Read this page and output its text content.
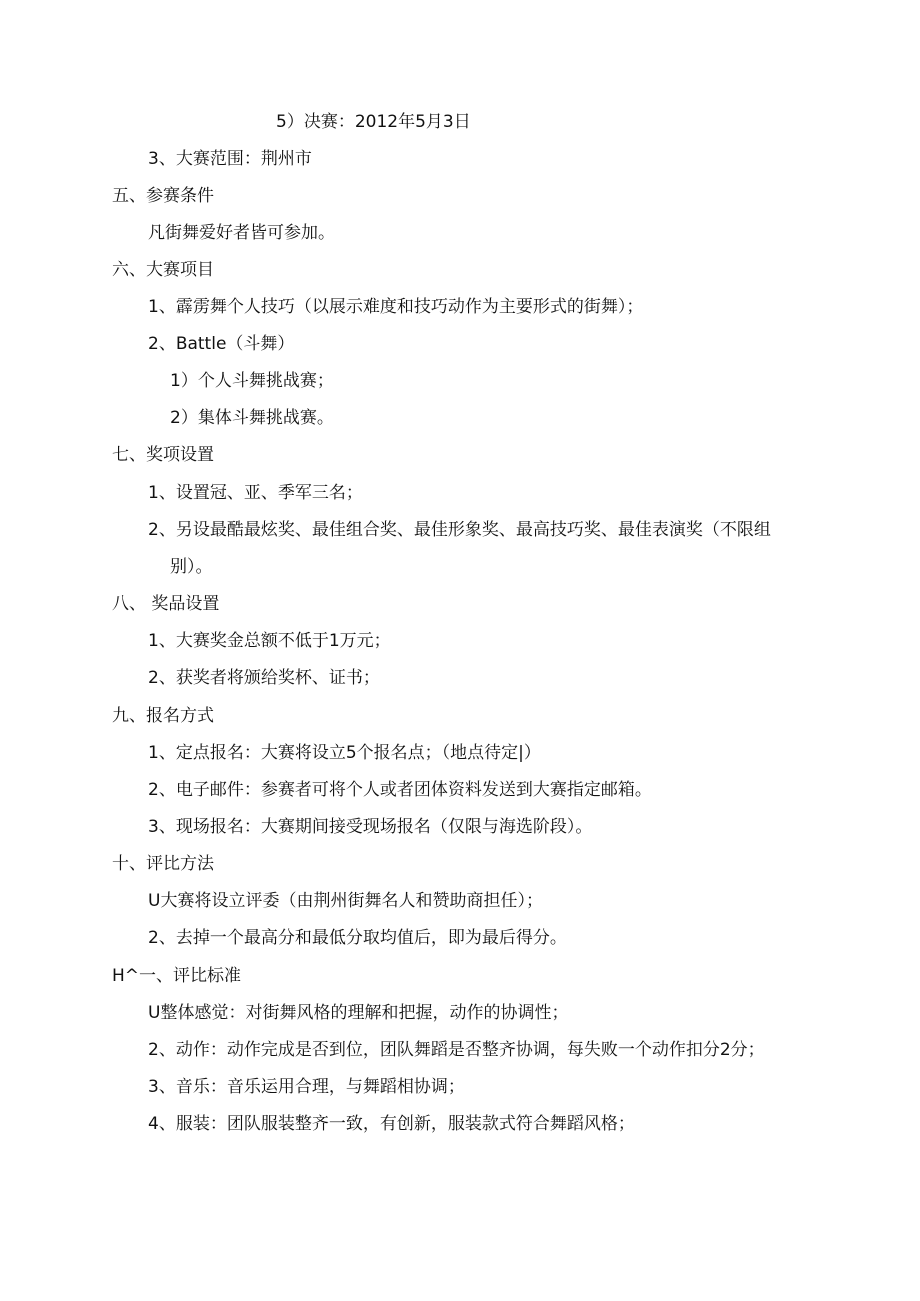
5）决赛：2012年5月3日
3、大赛范围：荆州市
五、参赛条件
凡街舞爱好者皆可参加。
六、大赛项目
1、霹雳舞个人技巧（以展示难度和技巧动作为主要形式的街舞）；
2、Battle（斗舞）
1）个人斗舞挑战赛；
2）集体斗舞挑战赛。
七、奖项设置
1、设置冠、亚、季军三名；
2、另设最酷最炫奖、最佳组合奖、最佳形象奖、最高技巧奖、最佳表演奖（不限组
别）。
八、 奖品设置
1、大赛奖金总额不低于1万元；
2、获奖者将颁给奖杯、证书；
九、报名方式
1、定点报名：大赛将设立5个报名点；（地点待定|）
2、电子邮件：参赛者可将个人或者团体资料发送到大赛指定邮箱。
3、现场报名：大赛期间接受现场报名（仅限与海选阶段）。
十、评比方法
U大赛将设立评委（由荆州街舞名人和赞助商担任）；
2、去掉一个最高分和最低分取均值后，即为最后得分。
H^一、评比标准
U整体感觉：对街舞风格的理解和把握，动作的协调性；
2、动作：动作完成是否到位，团队舞蹈是否整齐协调，每失败一个动作扣分2分；
3、音乐：音乐运用合理，与舞蹈相协调；
4、服装：团队服装整齐一致，有创新，服装款式符合舞蹈风格；
